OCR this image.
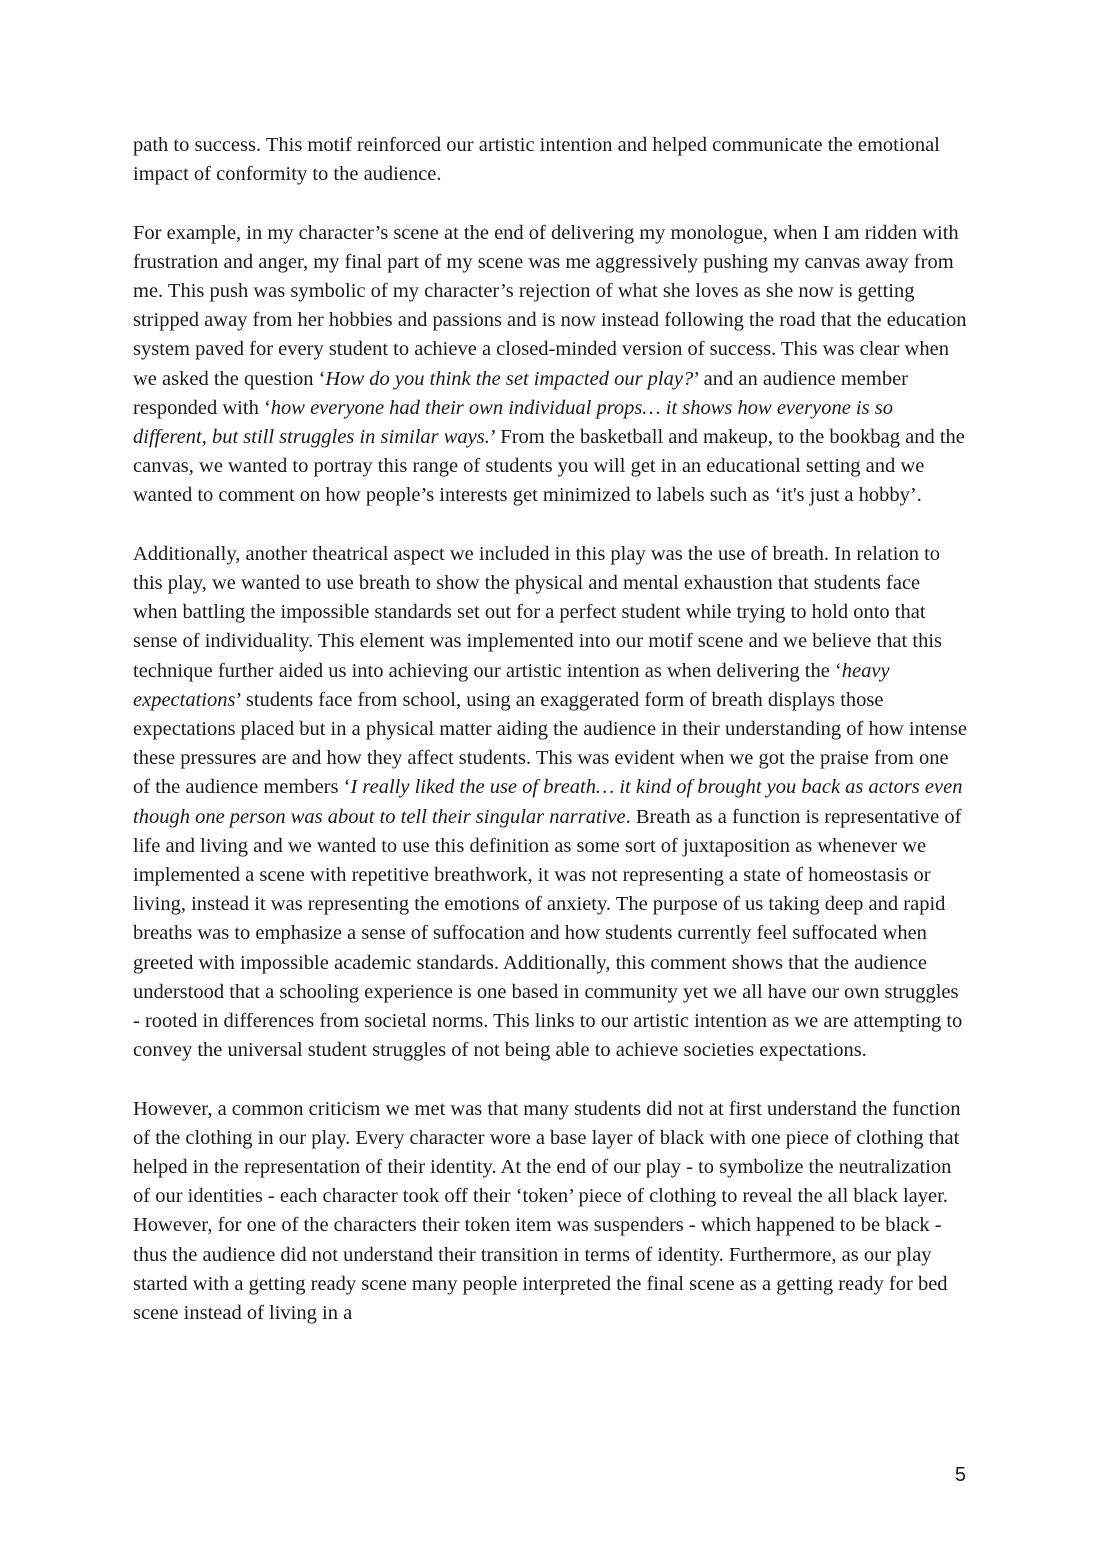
path to success. This motif reinforced our artistic intention and helped communicate the emotional impact of conformity to the audience.

For example, in my character’s scene at the end of delivering my monologue, when I am ridden with frustration and anger, my final part of my scene was me aggressively pushing my canvas away from me. This push was symbolic of my character’s rejection of what she loves as she now is getting stripped away from her hobbies and passions and is now instead following the road that the education system paved for every student to achieve a closed-minded version of success. This was clear when we asked the question ‘How do you think the set impacted our play?’ and an audience member responded with ‘how everyone had their own individual props… it shows how everyone is so different, but still struggles in similar ways.’ From the basketball and makeup, to the bookbag and the canvas, we wanted to portray this range of students you will get in an educational setting and we wanted to comment on how people’s interests get minimized to labels such as ‘it's just a hobby’.

Additionally, another theatrical aspect we included in this play was the use of breath. In relation to this play, we wanted to use breath to show the physical and mental exhaustion that students face when battling the impossible standards set out for a perfect student while trying to hold onto that sense of individuality. This element was implemented into our motif scene and we believe that this technique further aided us into achieving our artistic intention as when delivering the ‘heavy expectations’ students face from school, using an exaggerated form of breath displays those expectations placed but in a physical matter aiding the audience in their understanding of how intense these pressures are and how they affect students. This was evident when we got the praise from one of the audience members ‘I really liked the use of breath… it kind of brought you back as actors even though one person was about to tell their singular narrative. Breath as a function is representative of life and living and we wanted to use this definition as some sort of juxtaposition as whenever we implemented a scene with repetitive breathwork, it was not representing a state of homeostasis or living, instead it was representing the emotions of anxiety. The purpose of us taking deep and rapid breaths was to emphasize a sense of suffocation and how students currently feel suffocated when greeted with impossible academic standards. Additionally, this comment shows that the audience understood that a schooling experience is one based in community yet we all have our own struggles - rooted in differences from societal norms. This links to our artistic intention as we are attempting to convey the universal student struggles of not being able to achieve societies expectations.

However, a common criticism we met was that many students did not at first understand the function of the clothing in our play. Every character wore a base layer of black with one piece of clothing that helped in the representation of their identity. At the end of our play - to symbolize the neutralization of our identities - each character took off their ‘token’ piece of clothing to reveal the all black layer. However, for one of the characters their token item was suspenders - which happened to be black - thus the audience did not understand their transition in terms of identity. Furthermore, as our play started with a getting ready scene many people interpreted the final scene as a getting ready for bed scene instead of living in a

5
